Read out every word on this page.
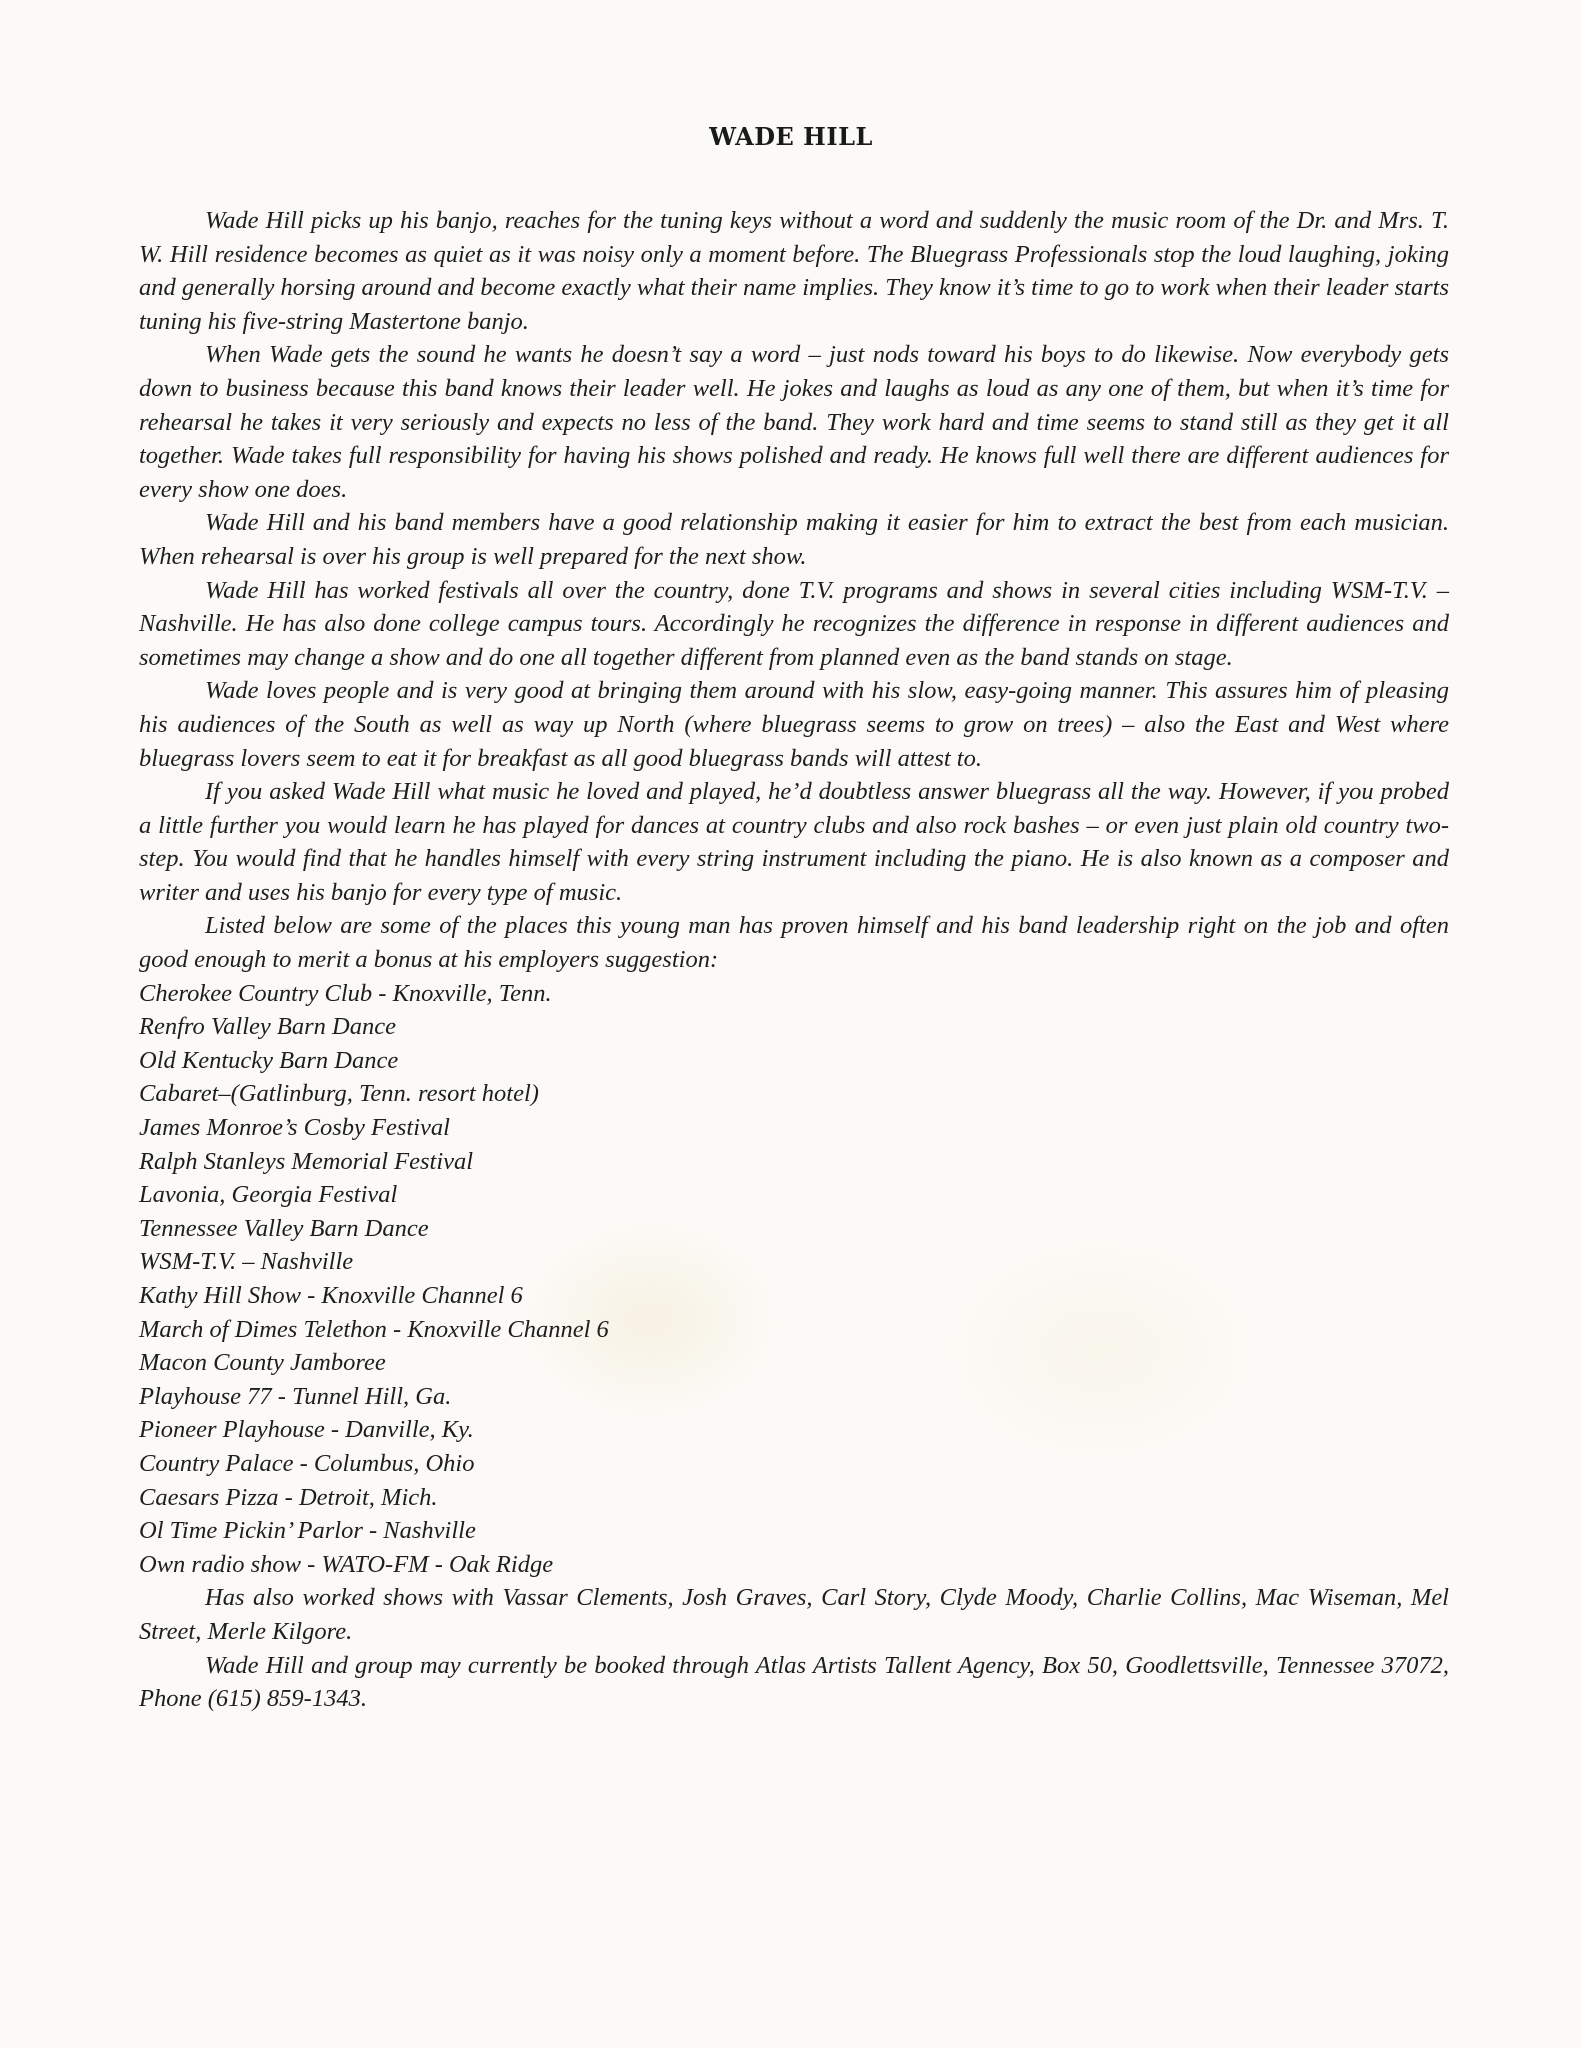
WADE HILL

Wade Hill picks up his banjo, reaches for the tuning keys without a word and suddenly the music room of the Dr. and Mrs. T. W. Hill residence becomes as quiet as it was noisy only a moment before. The Bluegrass Professionals stop the loud laughing, joking and generally horsing around and become exactly what their name implies. They know it’s time to go to work when their leader starts tuning his five-string Mastertone banjo.

When Wade gets the sound he wants he doesn’t say a word – just nods toward his boys to do likewise. Now everybody gets down to business because this band knows their leader well. He jokes and laughs as loud as any one of them, but when it’s time for rehearsal he takes it very seriously and expects no less of the band. They work hard and time seems to stand still as they get it all together. Wade takes full responsibility for having his shows polished and ready. He knows full well there are different audiences for every show one does.

Wade Hill and his band members have a good relationship making it easier for him to extract the best from each musician. When rehearsal is over his group is well prepared for the next show.

Wade Hill has worked festivals all over the country, done T.V. programs and shows in several cities including WSM-T.V. – Nashville. He has also done college campus tours. Accordingly he recognizes the difference in response in different audiences and sometimes may change a show and do one all together different from planned even as the band stands on stage.

Wade loves people and is very good at bringing them around with his slow, easy-going manner. This assures him of pleasing his audiences of the South as well as way up North (where bluegrass seems to grow on trees) – also the East and West where bluegrass lovers seem to eat it for breakfast as all good bluegrass bands will attest to.

If you asked Wade Hill what music he loved and played, he’d doubtless answer bluegrass all the way. However, if you probed a little further you would learn he has played for dances at country clubs and also rock bashes – or even just plain old country two-step. You would find that he handles himself with every string instrument including the piano. He is also known as a composer and writer and uses his banjo for every type of music.

Listed below are some of the places this young man has proven himself and his band leadership right on the job and often good enough to merit a bonus at his employers suggestion:

Cherokee Country Club - Knoxville, Tenn.
Renfro Valley Barn Dance
Old Kentucky Barn Dance
Cabaret–(Gatlinburg, Tenn. resort hotel)
James Monroe’s Cosby Festival
Ralph Stanleys Memorial Festival
Lavonia, Georgia Festival
Tennessee Valley Barn Dance
WSM-T.V. – Nashville
Kathy Hill Show - Knoxville Channel 6
March of Dimes Telethon - Knoxville Channel 6
Macon County Jamboree
Playhouse 77 - Tunnel Hill, Ga.
Pioneer Playhouse - Danville, Ky.
Country Palace - Columbus, Ohio
Caesars Pizza - Detroit, Mich.
Ol Time Pickin’ Parlor - Nashville
Own radio show - WATO-FM - Oak Ridge

Has also worked shows with Vassar Clements, Josh Graves, Carl Story, Clyde Moody, Charlie Collins, Mac Wiseman, Mel Street, Merle Kilgore.

Wade Hill and group may currently be booked through Atlas Artists Tallent Agency, Box 50, Goodlettsville, Tennessee 37072, Phone (615) 859-1343.
